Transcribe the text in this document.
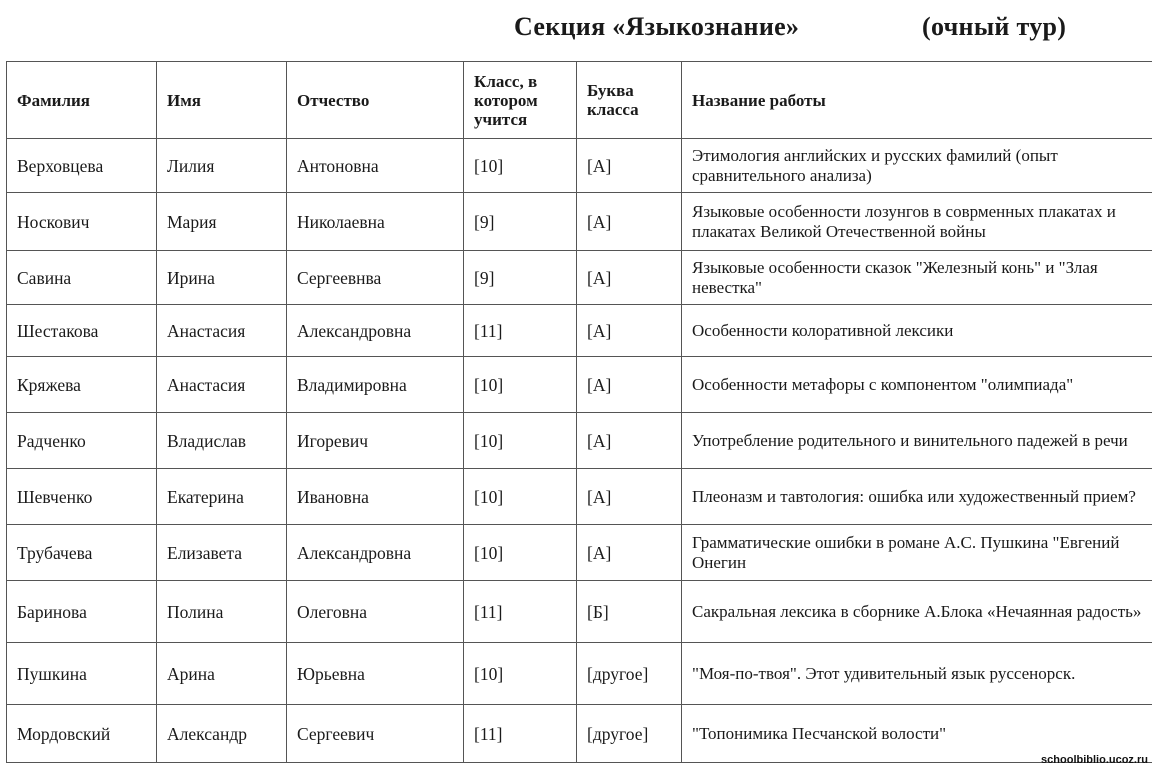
Секция «Языкознание»	(очный тур)
Фамилия	Имя	Отчество	Класс, в котором учится	Буква класса	Название работы
Верховцева	Лилия	Антоновна	[10]	[А]	Этимология английских и русских фамилий (опыт сравнительного анализа)
Носкович	Мария	Николаевна	[9]	[А]	Языковые особенности лозунгов в соврменных плакатах и плакатах Великой Отечественной войны
Савина	Ирина	Сергеевнва	[9]	[А]	Языковые особенности сказок "Железный конь" и "Злая невестка"
Шестакова	Анастасия	Александровна	[11]	[А]	Особенности колоративной лексики
Кряжева	Анастасия	Владимировна	[10]	[А]	Особенности метафоры с компонентом "олимпиада"
Радченко	Владислав	Игоревич	[10]	[А]	Употребление родительного и винительного падежей в речи
Шевченко	Екатерина	Ивановна	[10]	[А]	Плеоназм и тавтология: ошибка или художественный прием?
Трубачева	Елизавета	Александровна	[10]	[А]	Грамматические ошибки в романе А.С. Пушкина "Евгений Онегин
Баринова	Полина	Олеговна	[11]	[Б]	Сакральная лексика в сборнике А.Блока «Нечаянная радость»
Пушкина	Арина	Юрьевна	[10]	[другое]	"Моя-по-твоя". Этот удивительный язык руссенорск.
Мордовский	Александр	Сергеевич	[11]	[другое]	"Топонимика Песчанской волости"
schoolbiblio.ucoz.ru
